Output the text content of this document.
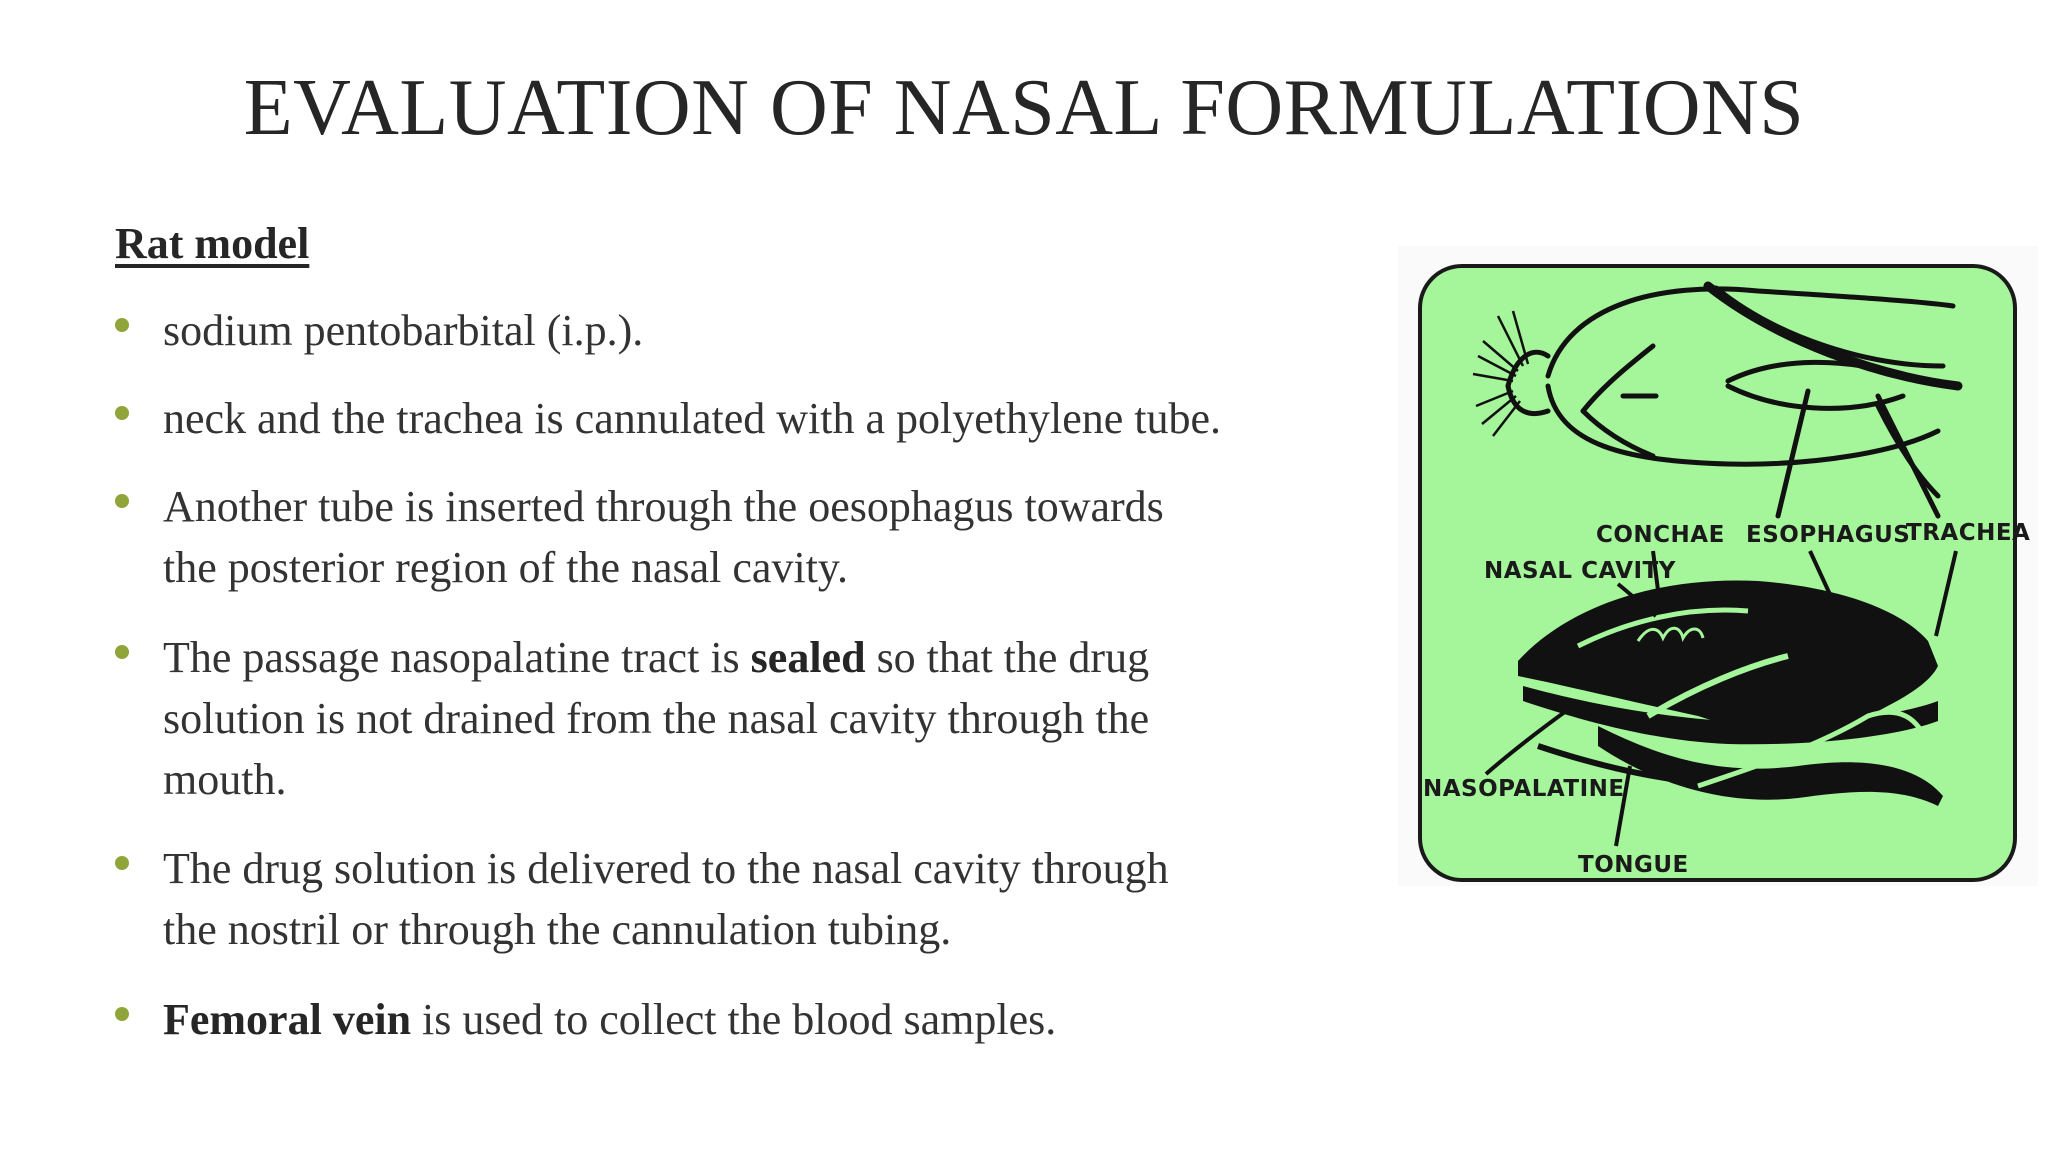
EVALUATION OF NASAL FORMULATIONS
Rat model
sodium pentobarbital (i.p.).
neck and the trachea is cannulated with a polyethylene tube.
Another tube is inserted through the oesophagus towards
the posterior region of the nasal cavity.
The passage nasopalatine tract is sealed so that the drug
solution is not drained from the nasal cavity through the
mouth.
The drug solution is delivered to the nasal cavity through
the nostril or through the cannulation tubing.
Femoral vein is used to collect the blood samples.
CONCHAE ESOPHAGUS
TRACHEA
NASAL CAVITY
NASOPALATINE
TONGUE
